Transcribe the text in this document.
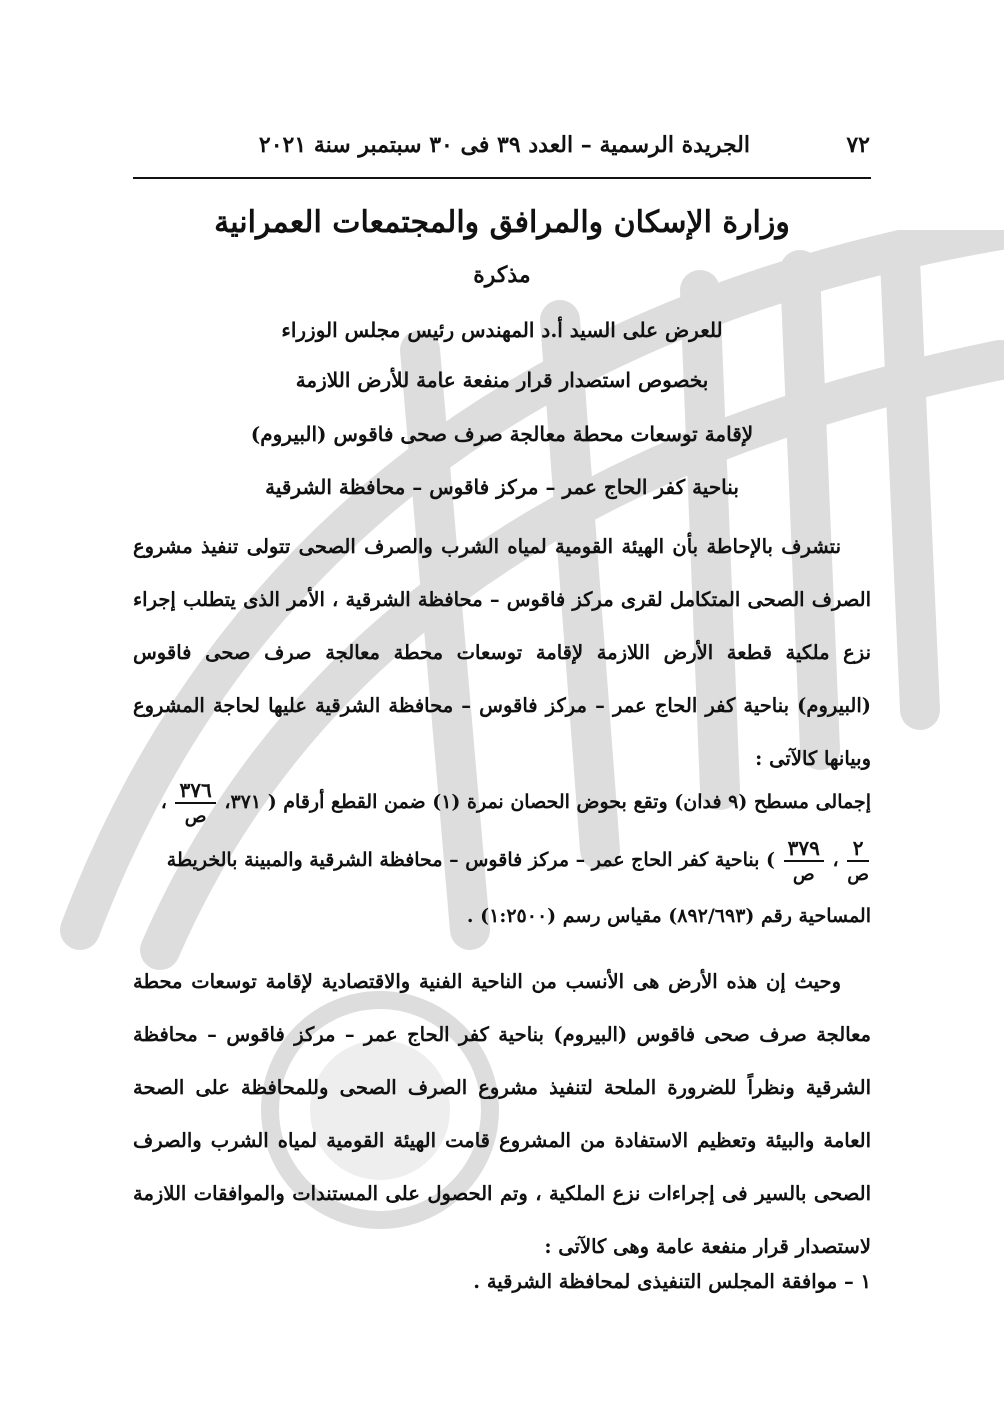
٧٢
الجريدة الرسمية – العدد ٣٩ فى ٣٠ سبتمبر سنة ٢٠٢١
وزارة الإسكان والمرافق والمجتمعات العمرانية
مذكرة
للعرض على السيد أ.د المهندس رئيس مجلس الوزراء
بخصوص استصدار قرار منفعة عامة للأرض اللازمة
لإقامة توسعات محطة معالجة صرف صحى فاقوس (البيروم)
بناحية كفر الحاج عمر – مركز فاقوس – محافظة الشرقية
نتشرف بالإحاطة بأن الهيئة القومية لمياه الشرب والصرف الصحى تتولى تنفيذ مشروع الصرف الصحى المتكامل لقرى مركز فاقوس – محافظة الشرقية ، الأمر الذى يتطلب إجراء نزع ملكية قطعة الأرض اللازمة لإقامة توسعات محطة معالجة صرف صحى فاقوس (البيروم) بناحية كفر الحاج عمر – مركز فاقوس – محافظة الشرقية عليها لحاجة المشروع وبيانها كالآتى :
إجمالى مسطح (٩ فدان) وتقع بحوض الحصان نمرة (١) ضمن القطع أرقام ( ٣٧١،
$\frac{٣٧٦}{\text{ص}}$
،
$\frac{٢}{\text{ص}}$
،
$\frac{٣٧٩}{\text{ص}}$
) بناحية كفر الحاج عمر – مركز فاقوس – محافظة الشرقية والمبينة بالخريطة
المساحية رقم (٨٩٢/٦٩٣) مقياس رسم (١:٢٥٠٠) .
وحيث إن هذه الأرض هى الأنسب من الناحية الفنية والاقتصادية لإقامة توسعات محطة معالجة صرف صحى فاقوس (البيروم) بناحية كفر الحاج عمر – مركز فاقوس – محافظة الشرقية ونظراً للضرورة الملحة لتنفيذ مشروع الصرف الصحى وللمحافظة على الصحة العامة والبيئة وتعظيم الاستفادة من المشروع قامت الهيئة القومية لمياه الشرب والصرف الصحى بالسير فى إجراءات نزع الملكية ، وتم الحصول على المستندات والموافقات اللازمة لاستصدار قرار منفعة عامة وهى كالآتى :
١ – موافقة المجلس التنفيذى لمحافظة الشرقية .
